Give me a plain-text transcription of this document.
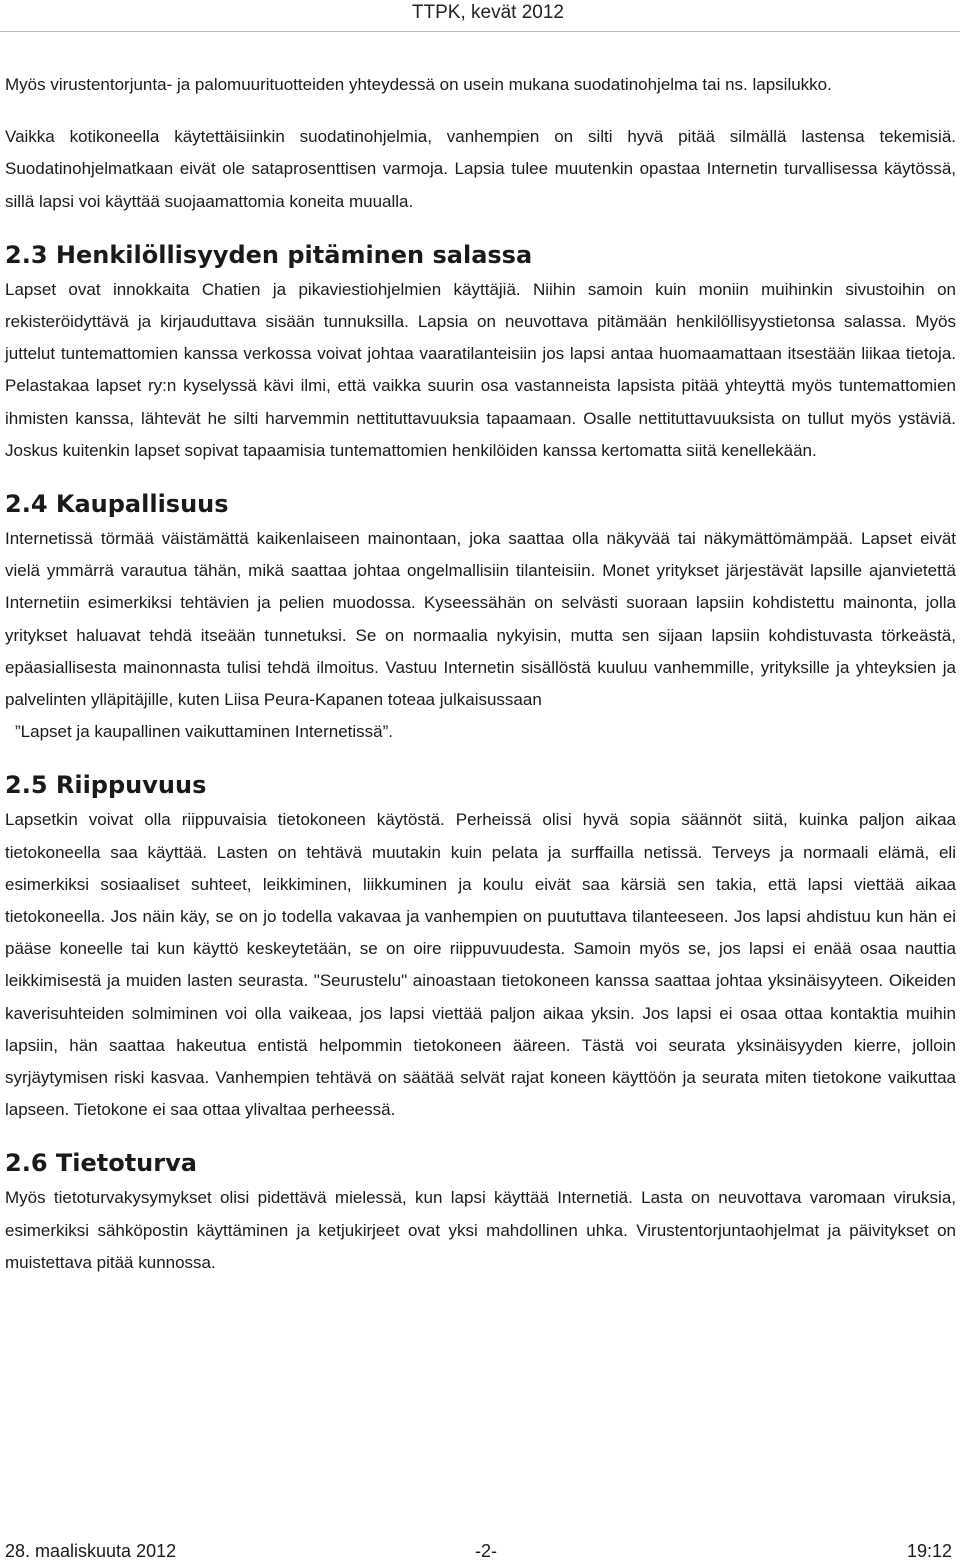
TTPK, kevät 2012

Myös virustentorjunta- ja palomuurituotteiden yhteydessä on usein mukana suodatinohjelma tai ns. lapsilukko.

Vaikka kotikoneella käytettäisiinkin suodatinohjelmia, vanhempien on silti hyvä pitää silmällä lastensa tekemisiä. Suodatinohjelmatkaan eivät ole sataprosenttisen varmoja. Lapsia tulee muutenkin opastaa Internetin turvallisessa käytössä, sillä lapsi voi käyttää suojaamattomia koneita muualla.

2.3 Henkilöllisyyden pitäminen salassa

Lapset ovat innokkaita Chatien ja pikaviestiohjelmien käyttäjiä. Niihin samoin kuin moniin muihinkin sivustoihin on rekisteröidyttävä ja kirjauduttava sisään tunnuksilla. Lapsia on neuvottava pitämään henkilöllisyystietonsa salassa. Myös juttelut tuntemattomien kanssa verkossa voivat johtaa vaaratilanteisiin jos lapsi antaa huomaamattaan itsestään liikaa tietoja. Pelastakaa lapset ry:n kyselyssä kävi ilmi, että vaikka suurin osa vastanneista lapsista pitää yhteyttä myös tuntemattomien ihmisten kanssa, lähtevät he silti harvemmin nettituttavuuksia tapaamaan. Osalle nettituttavuuksista on tullut myös ystäviä. Joskus kuitenkin lapset sopivat tapaamisia tuntemattomien henkilöiden kanssa kertomatta siitä kenellekään.

2.4 Kaupallisuus

Internetissä törmää väistämättä kaikenlaiseen mainontaan, joka saattaa olla näkyvää tai näkymättömämpää. Lapset eivät vielä ymmärrä varautua tähän, mikä saattaa johtaa ongelmallisiin tilanteisiin. Monet yritykset järjestävät lapsille ajanvietettä Internetiin esimerkiksi tehtävien ja pelien muodossa. Kyseessähän on selvästi suoraan lapsiin kohdistettu mainonta, jolla yritykset haluavat tehdä itseään tunnetuksi. Se on normaalia nykyisin, mutta sen sijaan lapsiin kohdistuvasta törkeästä, epäasiallisesta mainonnasta tulisi tehdä ilmoitus. Vastuu Internetin sisällöstä kuuluu vanhemmille, yrityksille ja yhteyksien ja palvelinten ylläpitäjille, kuten Liisa Peura-Kapanen toteaa julkaisussaan

”Lapset ja kaupallinen vaikuttaminen Internetissä”.

2.5 Riippuvuus

Lapsetkin voivat olla riippuvaisia tietokoneen käytöstä. Perheissä olisi hyvä sopia säännöt siitä, kuinka paljon aikaa tietokoneella saa käyttää. Lasten on tehtävä muutakin kuin pelata ja surffailla netissä. Terveys ja normaali elämä, eli esimerkiksi sosiaaliset suhteet, leikkiminen, liikkuminen ja koulu eivät saa kärsiä sen takia, että lapsi viettää aikaa tietokoneella. Jos näin käy, se on jo todella vakavaa ja vanhempien on puututtava tilanteeseen. Jos lapsi ahdistuu kun hän ei pääse koneelle tai kun käyttö keskeytetään, se on oire riippuvuudesta. Samoin myös se, jos lapsi ei enää osaa nauttia leikkimisestä ja muiden lasten seurasta. "Seurustelu" ainoastaan tietokoneen kanssa saattaa johtaa yksinäisyyteen. Oikeiden kaverisuhteiden solmiminen voi olla vaikeaa, jos lapsi viettää paljon aikaa yksin. Jos lapsi ei osaa ottaa kontaktia muihin lapsiin, hän saattaa hakeutua entistä helpommin tietokoneen ääreen. Tästä voi seurata yksinäisyyden kierre, jolloin syrjäytymisen riski kasvaa. Vanhempien tehtävä on säätää selvät rajat koneen käyttöön ja seurata miten tietokone vaikuttaa lapseen. Tietokone ei saa ottaa ylivaltaa perheessä.

2.6 Tietoturva

Myös tietoturvakysymykset olisi pidettävä mielessä, kun lapsi käyttää Internetiä. Lasta on neuvottava varomaan viruksia, esimerkiksi sähköpostin käyttäminen ja ketjukirjeet ovat yksi mahdollinen uhka. Virustentorjuntaohjelmat ja päivitykset on muistettava pitää kunnossa.

28. maaliskuuta 2012	-2-	19:12
